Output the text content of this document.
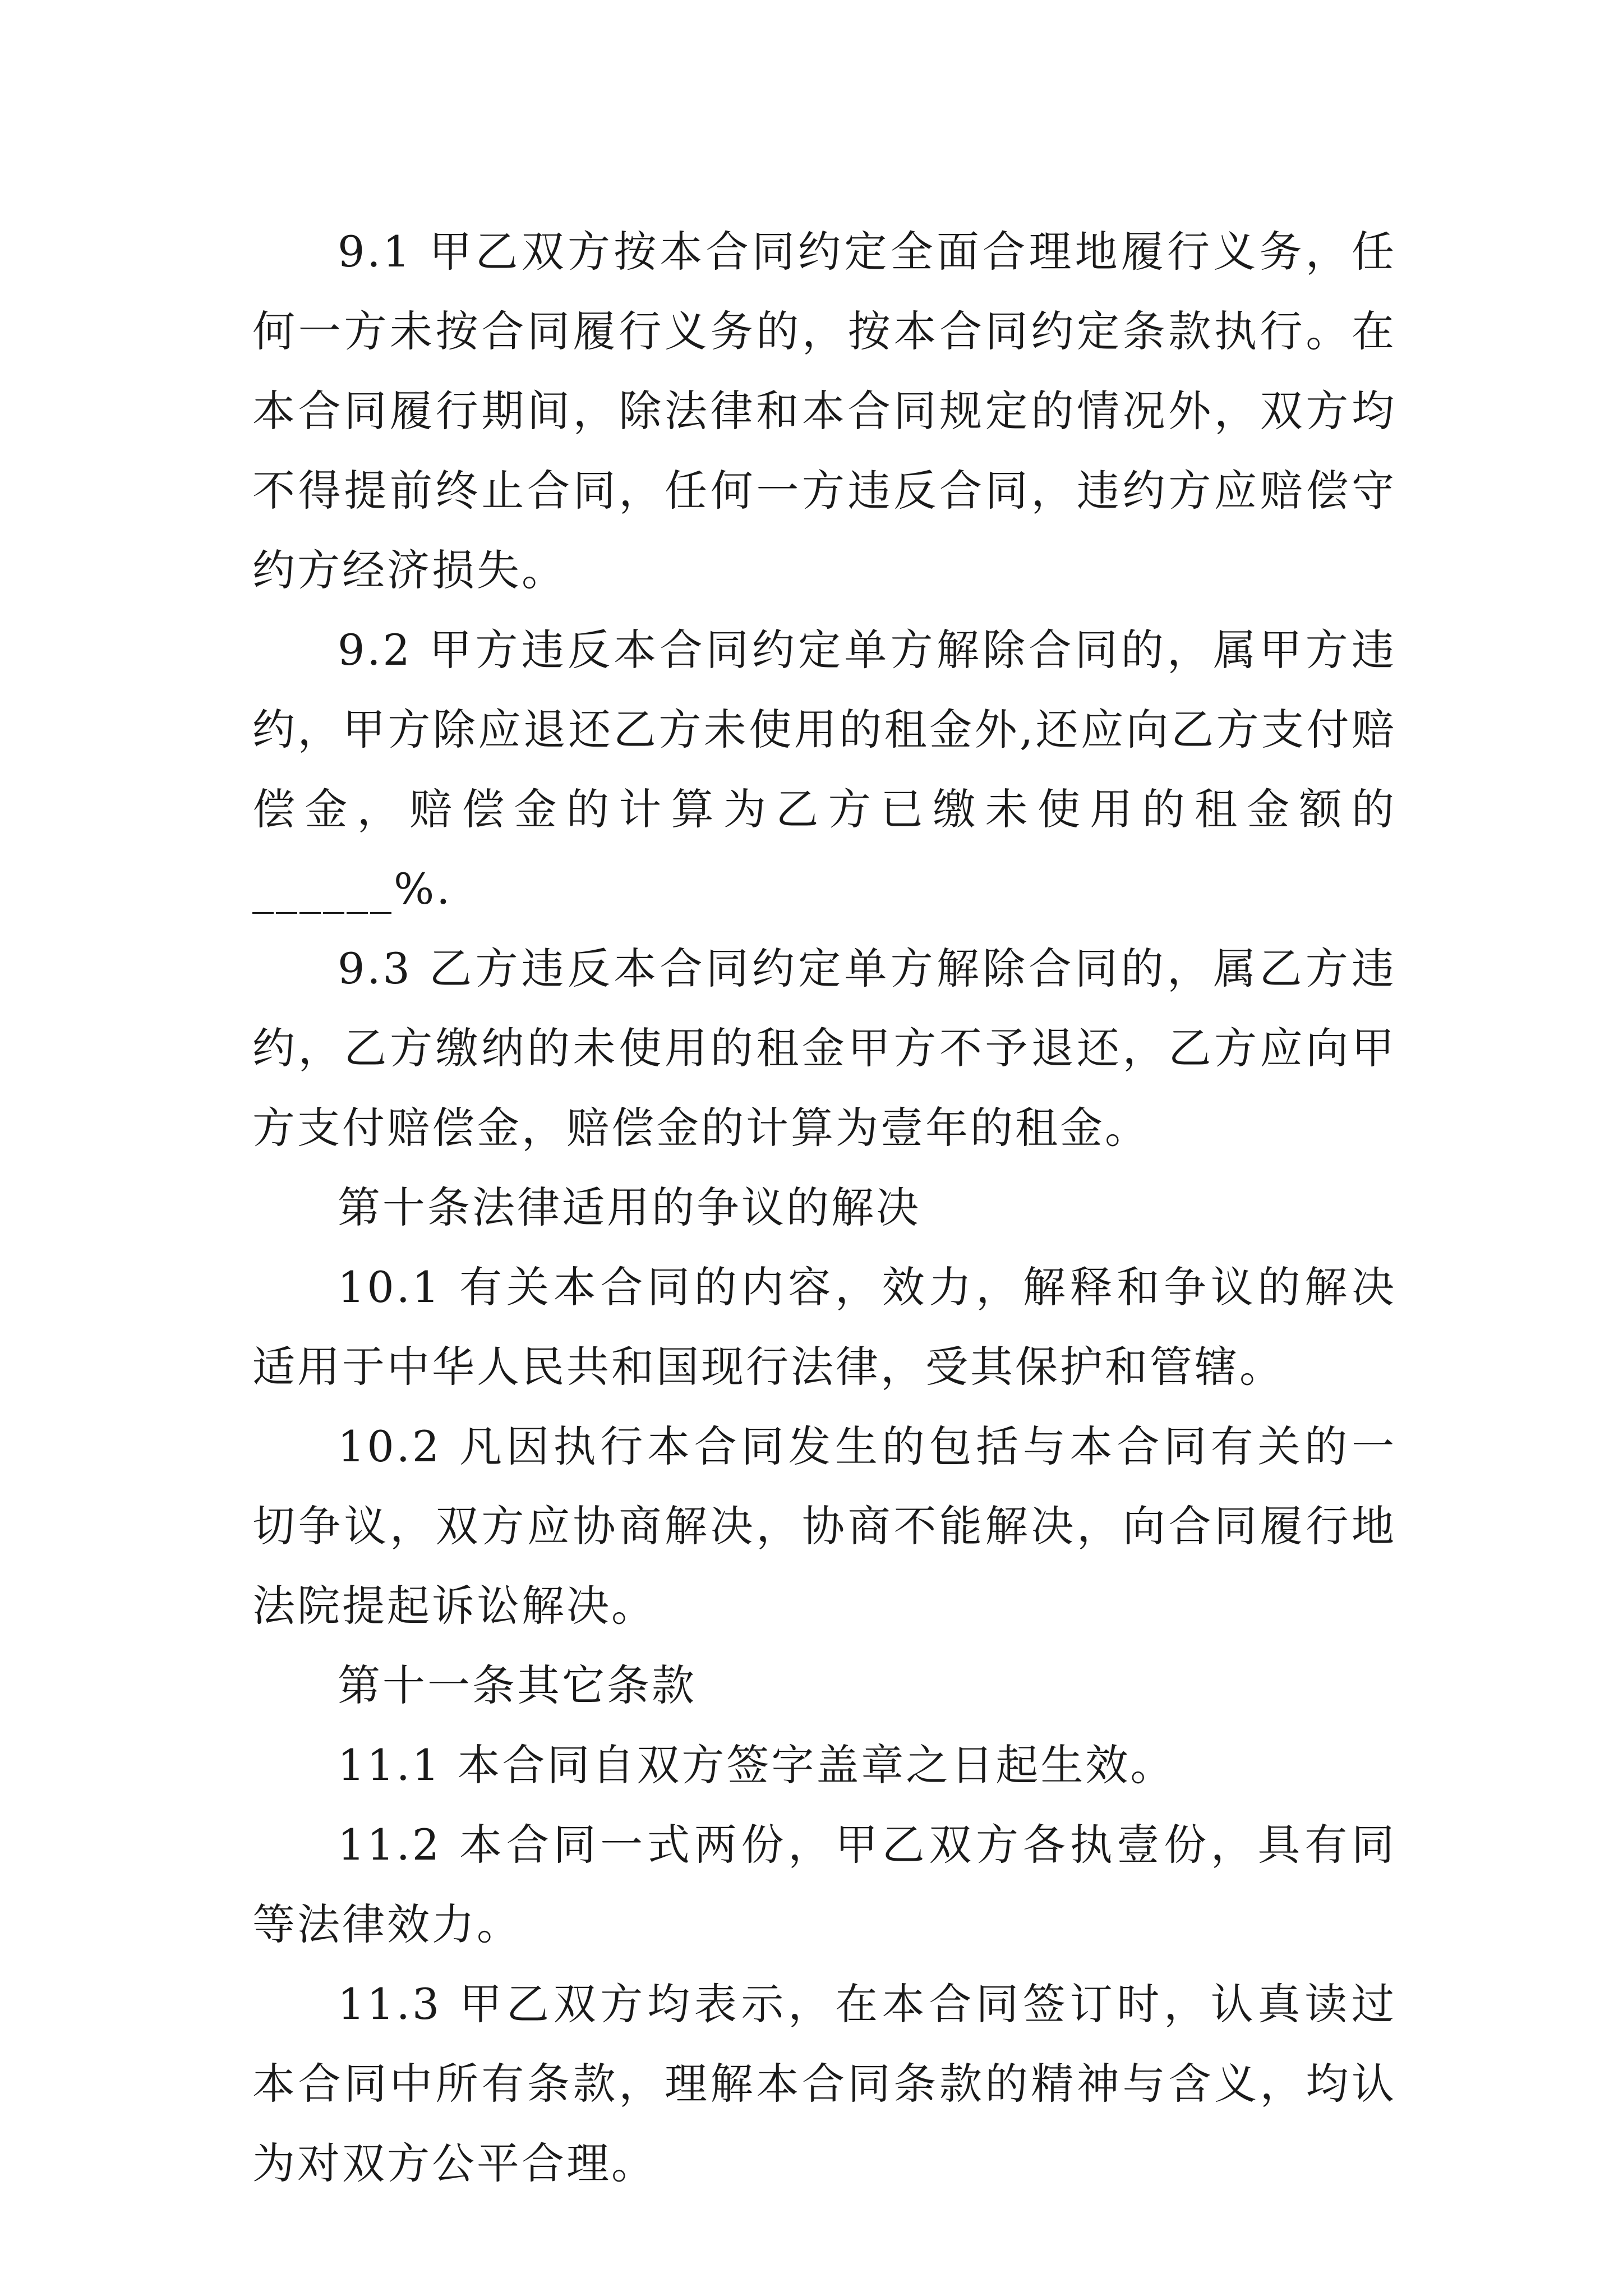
9.1 甲乙双方按本合同约定全面合理地履行义务，任何一方未按合同履行义务的，按本合同约定条款执行。在本合同履行期间，除法律和本合同规定的情况外，双方均不得提前终止合同，任何一方违反合同，违约方应赔偿守约方经济损失。

9.2 甲方违反本合同约定单方解除合同的，属甲方违约，甲方除应退还乙方未使用的租金外,还应向乙方支付赔偿金，赔偿金的计算为乙方已缴未使用的租金额的______%.

9.3 乙方违反本合同约定单方解除合同的，属乙方违约，乙方缴纳的未使用的租金甲方不予退还，乙方应向甲方支付赔偿金，赔偿金的计算为壹年的租金。

第十条法律适用的争议的解决

10.1 有关本合同的内容，效力，解释和争议的解决适用于中华人民共和国现行法律，受其保护和管辖。

10.2 凡因执行本合同发生的包括与本合同有关的一切争议，双方应协商解决，协商不能解决，向合同履行地法院提起诉讼解决。

第十一条其它条款

11.1 本合同自双方签字盖章之日起生效。

11.2 本合同一式两份，甲乙双方各执壹份，具有同等法律效力。

11.3 甲乙双方均表示，在本合同签订时，认真读过本合同中所有条款，理解本合同条款的精神与含义，均认为对双方公平合理。
